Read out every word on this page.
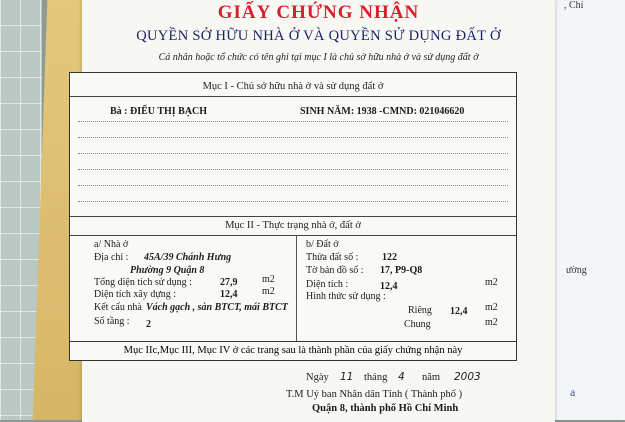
, Chí
ường
a
GIẤY CHỨNG NHẬN
QUYỀN SỞ HỮU NHÀ Ở VÀ QUYỀN SỬ DỤNG ĐẤT Ở
Cá nhân hoặc tổ chức có tên ghi tại mục I là chủ sở hữu nhà ở và sử dụng đất ở
Mục I - Chủ sở hữu nhà ở và sử dụng đất ở
Bà : ĐIỂU THỊ BẠCH	SINH NĂM: 1938 -CMND: 021046620
Mục II - Thực trạng nhà ở, đất ở
a/ Nhà ở
Địa chỉ : 45A/39 Chánh Hưng
Phường 9 Quận 8
Tổng diện tích sử dụng :	27,9 m2
Diện tích xây dựng :	12,4 m2
Kết cấu nhà Vách gạch , sàn BTCT, mái BTCT
Số tầng : 2
b/ Đất ở
Thửa đất số : 122
Tờ bản đồ số : 17, P9-Q8
Diện tích :	12,4	m2
Hình thức sử dụng :
Riêng 12,4 m2
Chung	m2
Mục IIc,Mục III, Mục IV ở các trang sau là thành phần của giấy chứng nhận này
Ngày 11 tháng 4 năm 2003
T.M Uỷ ban Nhân dân Tỉnh ( Thành phố )
Quận 8, thành phố Hồ Chí Minh
